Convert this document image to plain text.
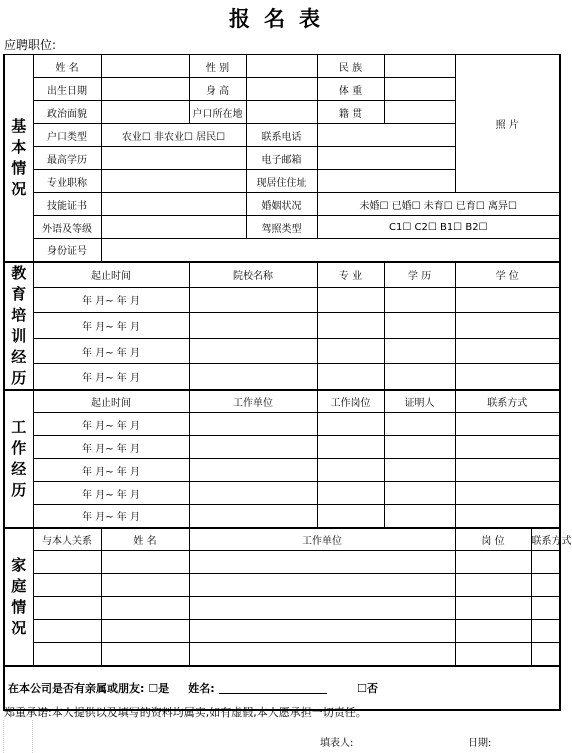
报名表
应聘职位:
基本情况	姓 名		性 别		民 族		照 片	
	出生日期		身 高		体 重			
	政治面貌		户口所在地		籍 贯			
	户口类型	农业☐ 非农业☐ 居民☐		联系电话				
	最高学历			电子邮箱				
	专业职称			现居住住址				
	技能证书			婚姻状况	未婚☐ 已婚☐ 未育☐ 已育☐ 离异☐			
	外语及等级			驾照类型	C1☐ C2☐ B1☐ B2☐			
	身份证号							
教育培训经历	起止时间		院校名称		专 业	学 历	学 位	
	年 月~ 年 月							
	年 月~ 年 月							
	年 月~ 年 月							
	年 月~ 年 月							
工作经历	起止时间		工作单位		工作岗位	证明人	联系方式	
	年 月~ 年 月							
	年 月~ 年 月							
	年 月~ 年 月							
	年 月~ 年 月							
	年 月~ 年 月							
家庭情况	与本人关系	姓 名	工作单位				岗 位	联系方式

在本公司是否有亲属或朋友: ☐是 姓名: ☐否								
郑重承诺:本人提供以及填写的资料均属实,如有虚假,本人愿承担一切责任。
填表人:	日期:
